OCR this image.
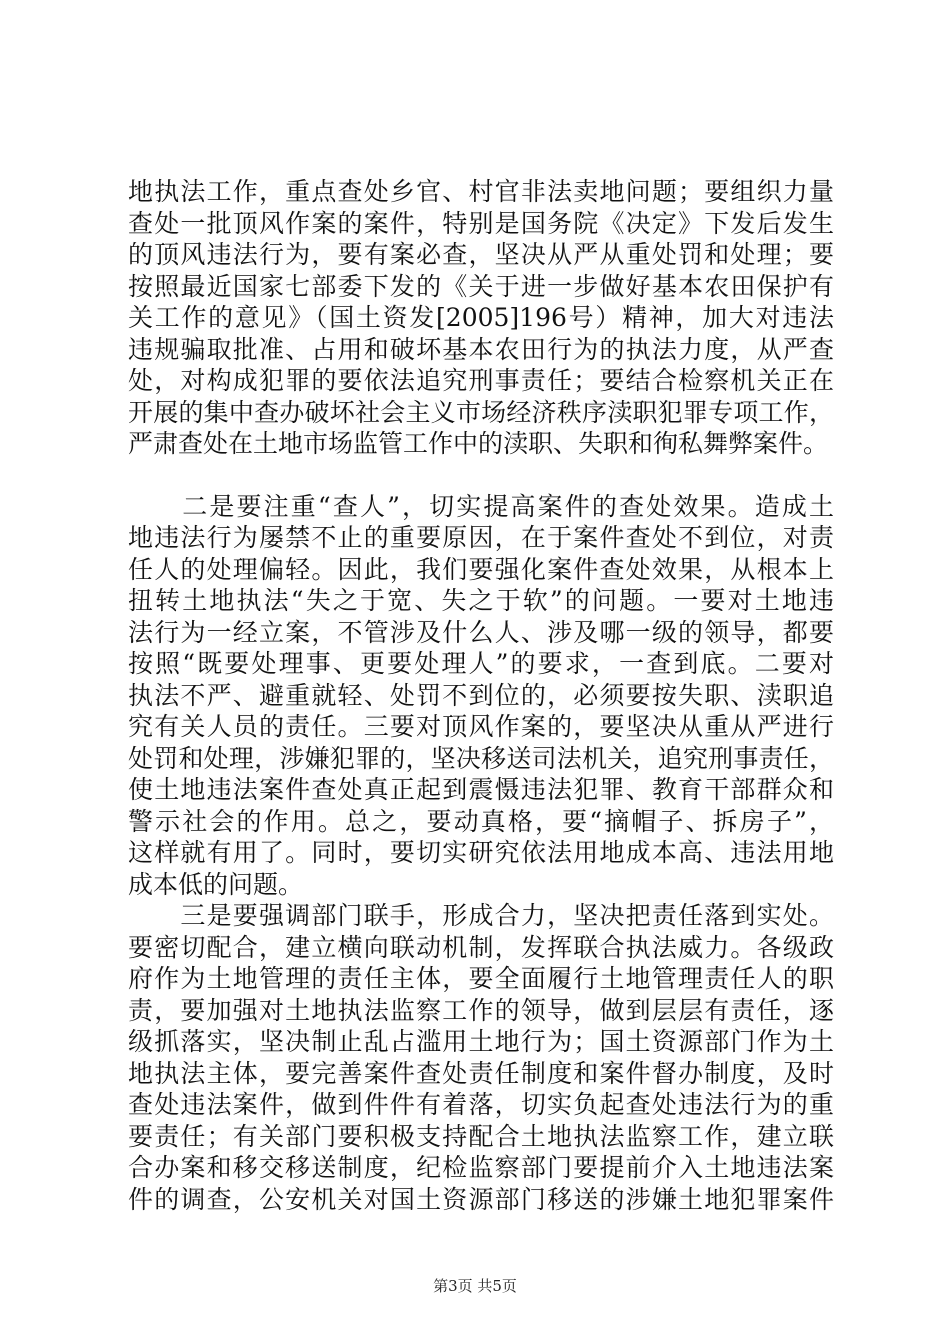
地执法工作，重点查处乡官、村官非法卖地问题；要组织力量
查处一批顶风作案的案件，特别是国务院《决定》下发后发生
的顶风违法行为，要有案必查，坚决从严从重处罚和处理；要
按照最近国家七部委下发的《关于进一步做好基本农田保护有
关工作的意见》（国土资发[2005]196号）精神，加大对违法
违规骗取批准、占用和破坏基本农田行为的执法力度，从严查
处，对构成犯罪的要依法追究刑事责任；要结合检察机关正在
开展的集中查办破坏社会主义市场经济秩序渎职犯罪专项工作，
严肃查处在土地市场监管工作中的渎职、失职和徇私舞弊案件。
　　二是要注重“查人”，切实提高案件的查处效果。造成土
地违法行为屡禁不止的重要原因，在于案件查处不到位，对责
任人的处理偏轻。因此，我们要强化案件查处效果，从根本上
扭转土地执法“失之于宽、失之于软”的问题。一要对土地违
法行为一经立案，不管涉及什么人、涉及哪一级的领导，都要
按照“既要处理事、更要处理人”的要求，一查到底。二要对
执法不严、避重就轻、处罚不到位的，必须要按失职、渎职追
究有关人员的责任。三要对顶风作案的，要坚决从重从严进行
处罚和处理，涉嫌犯罪的，坚决移送司法机关，追究刑事责任，
使土地违法案件查处真正起到震慑违法犯罪、教育干部群众和
警示社会的作用。总之，要动真格，要“摘帽子、拆房子”，
这样就有用了。同时，要切实研究依法用地成本高、违法用地
成本低的问题。
　　三是要强调部门联手，形成合力，坚决把责任落到实处。
要密切配合，建立横向联动机制，发挥联合执法威力。各级政
府作为土地管理的责任主体，要全面履行土地管理责任人的职
责，要加强对土地执法监察工作的领导，做到层层有责任，逐
级抓落实，坚决制止乱占滥用土地行为；国土资源部门作为土
地执法主体，要完善案件查处责任制度和案件督办制度，及时
查处违法案件，做到件件有着落，切实负起查处违法行为的重
要责任；有关部门要积极支持配合土地执法监察工作，建立联
合办案和移交移送制度，纪检监察部门要提前介入土地违法案
件的调查，公安机关对国土资源部门移送的涉嫌土地犯罪案件
第3页 共5页
